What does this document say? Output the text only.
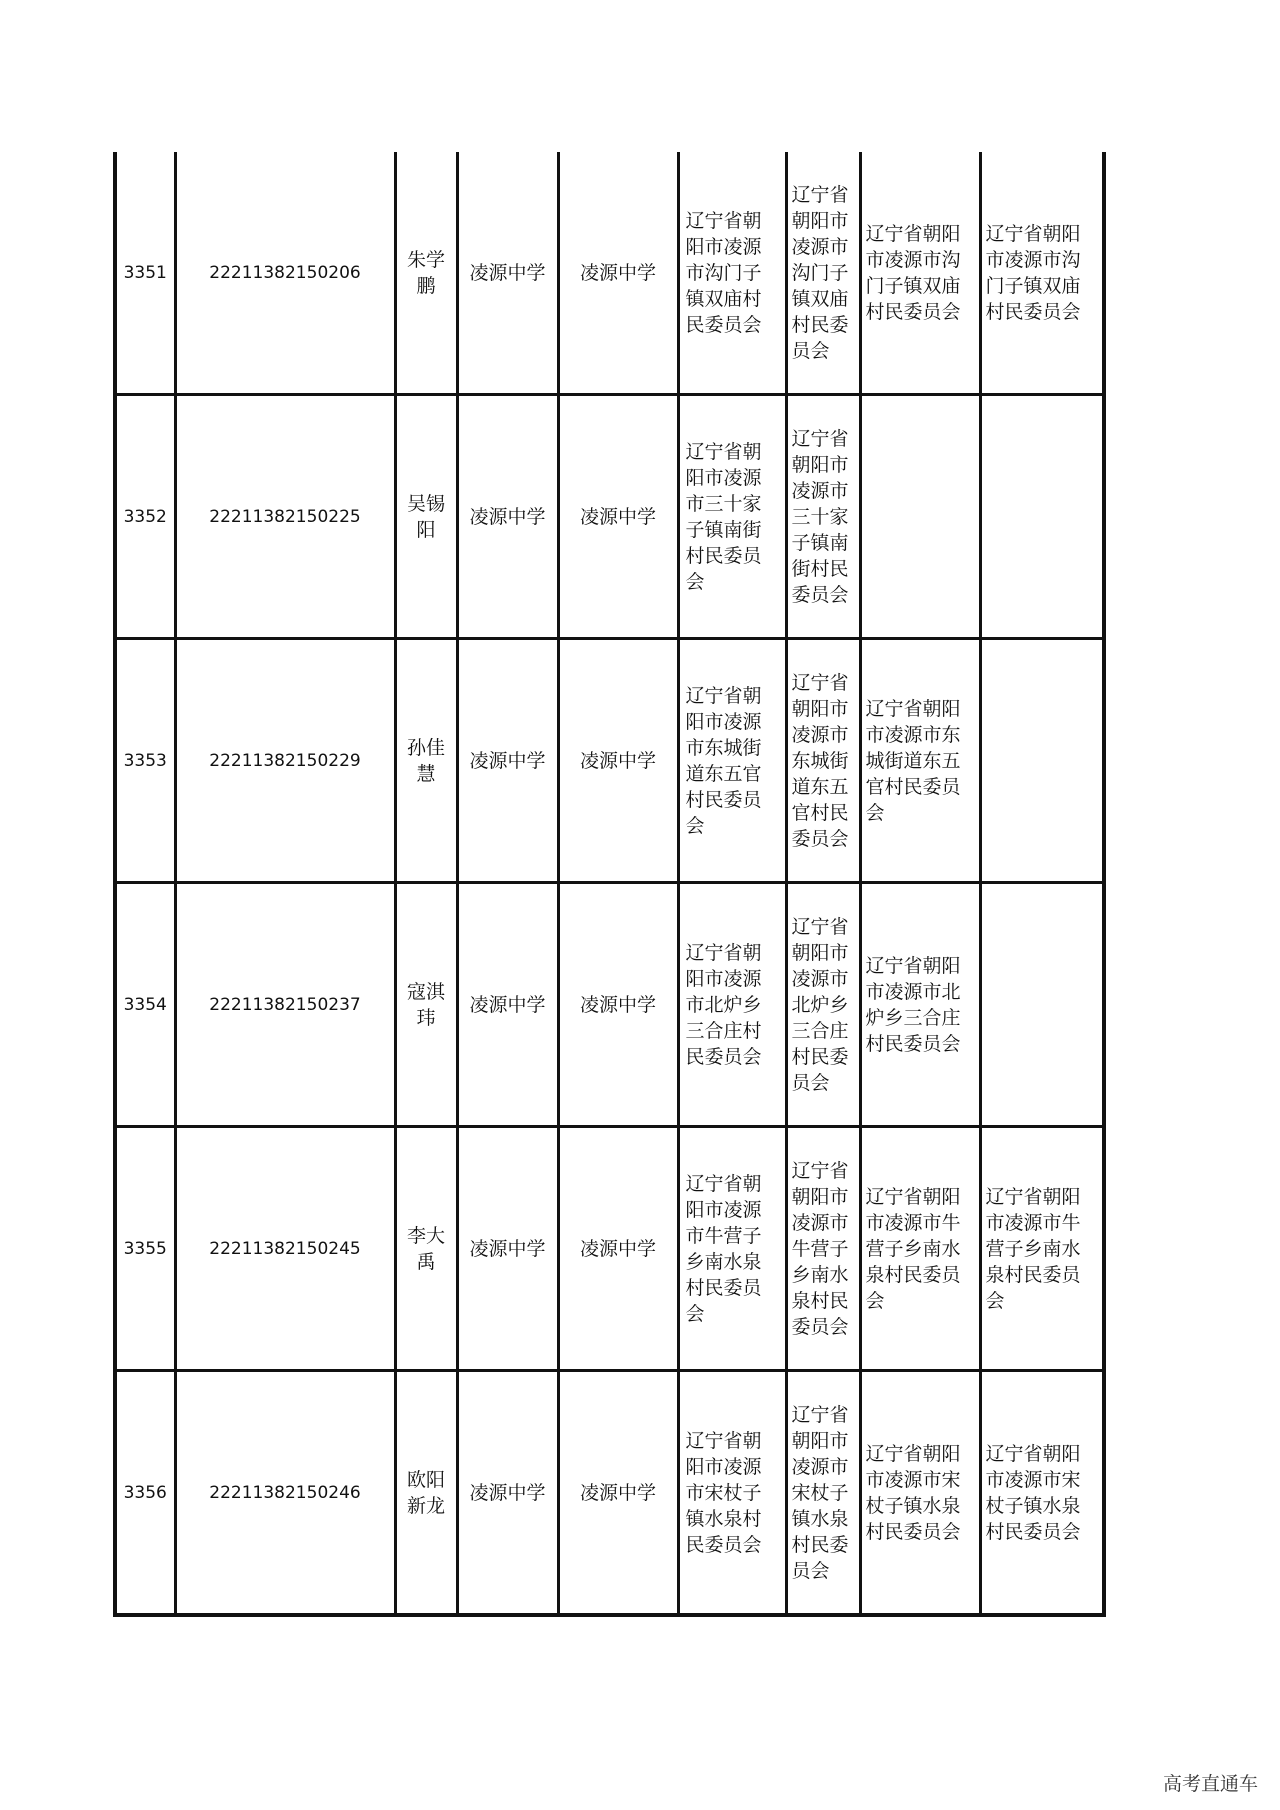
3351	22211382150206	朱学鹏	凌源中学	凌源中学	辽宁省朝阳市凌源市沟门子镇双庙村民委员会	辽宁省朝阳市凌源市沟门子镇双庙村民委员会	辽宁省朝阳市凌源市沟门子镇双庙村民委员会	辽宁省朝阳市凌源市沟门子镇双庙村民委员会
3352	22211382150225	吴锡阳	凌源中学	凌源中学	辽宁省朝阳市凌源市三十家子镇南街村民委员会	辽宁省朝阳市凌源市三十家子镇南街村民委员会		
3353	22211382150229	孙佳慧	凌源中学	凌源中学	辽宁省朝阳市凌源市东城街道东五官村民委员会	辽宁省朝阳市凌源市东城街道东五官村民委员会	辽宁省朝阳市凌源市东城街道东五官村民委员会	
3354	22211382150237	寇淇玮	凌源中学	凌源中学	辽宁省朝阳市凌源市北炉乡三合庄村民委员会	辽宁省朝阳市凌源市北炉乡三合庄村民委员会	辽宁省朝阳市凌源市北炉乡三合庄村民委员会	
3355	22211382150245	李大禹	凌源中学	凌源中学	辽宁省朝阳市凌源市牛营子乡南水泉村民委员会	辽宁省朝阳市凌源市牛营子乡南水泉村民委员会	辽宁省朝阳市凌源市牛营子乡南水泉村民委员会	辽宁省朝阳市凌源市牛营子乡南水泉村民委员会
3356	22211382150246	欧阳新龙	凌源中学	凌源中学	辽宁省朝阳市凌源市宋杖子镇水泉村民委员会	辽宁省朝阳市凌源市宋杖子镇水泉村民委员会	辽宁省朝阳市凌源市宋杖子镇水泉村民委员会	辽宁省朝阳市凌源市宋杖子镇水泉村民委员会
高考直通车
